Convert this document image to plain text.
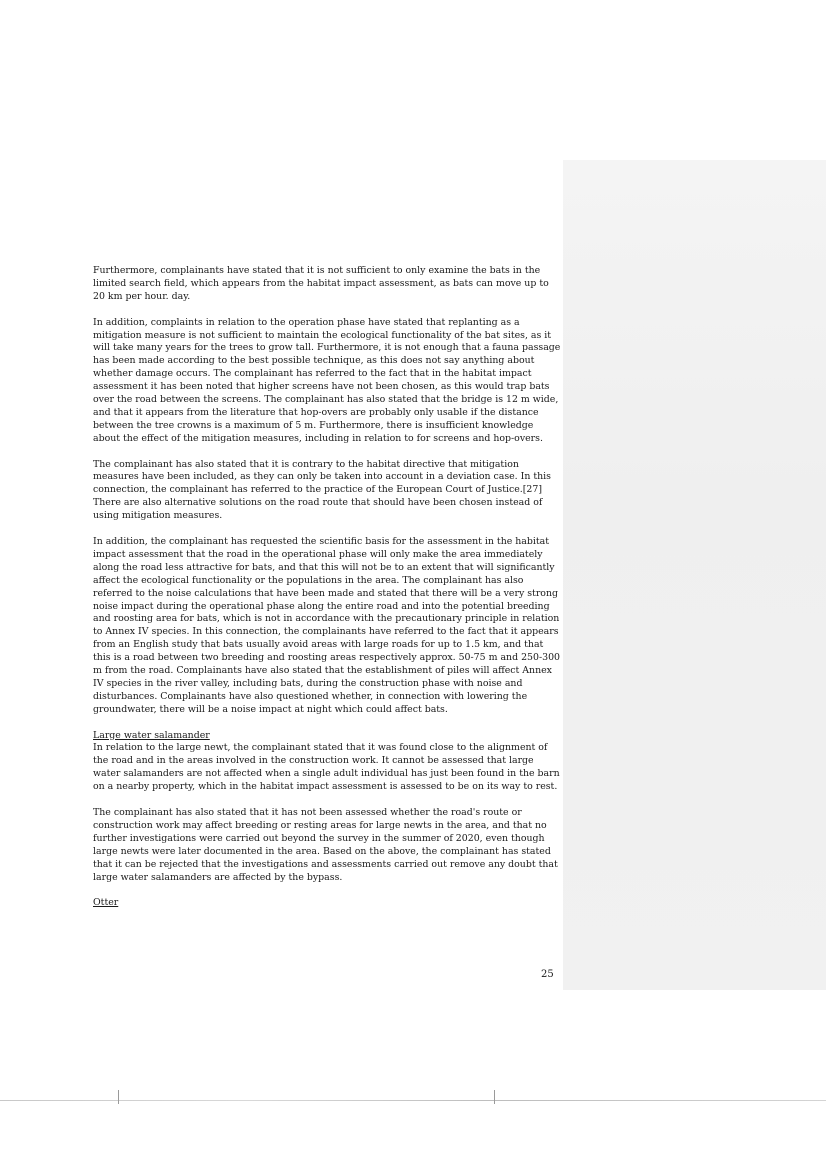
Furthermore, complainants have stated that it is not sufficient to only examine the bats in the limited search field, which appears from the habitat impact assessment, as bats can move up to 20 km per hour. day.

In addition, complaints in relation to the operation phase have stated that replanting as a mitigation measure is not sufficient to maintain the ecological functionality of the bat sites, as it will take many years for the trees to grow tall. Furthermore, it is not enough that a fauna passage has been made according to the best possible technique, as this does not say anything about whether damage occurs. The complainant has referred to the fact that in the habitat impact assessment it has been noted that higher screens have not been chosen, as this would trap bats over the road between the screens. The complainant has also stated that the bridge is 12 m wide, and that it appears from the literature that hop-overs are probably only usable if the distance between the tree crowns is a maximum of 5 m. Furthermore, there is insufficient knowledge about the effect of the mitigation measures, including in relation to for screens and hop-overs.

The complainant has also stated that it is contrary to the habitat directive that mitigation measures have been included, as they can only be taken into account in a deviation case. In this connection, the complainant has referred to the practice of the European Court of Justice.[27] There are also alternative solutions on the road route that should have been chosen instead of using mitigation measures.

In addition, the complainant has requested the scientific basis for the assessment in the habitat impact assessment that the road in the operational phase will only make the area immediately along the road less attractive for bats, and that this will not be to an extent that will significantly affect the ecological functionality or the populations in the area. The complainant has also referred to the noise calculations that have been made and stated that there will be a very strong noise impact during the operational phase along the entire road and into the potential breeding and roosting area for bats, which is not in accordance with the precautionary principle in relation to Annex IV species. In this connection, the complainants have referred to the fact that it appears from an English study that bats usually avoid areas with large roads for up to 1.5 km, and that this is a road between two breeding and roosting areas respectively approx. 50-75 m and 250-300 m from the road. Complainants have also stated that the establishment of piles will affect Annex IV species in the river valley, including bats, during the construction phase with noise and disturbances. Complainants have also questioned whether, in connection with lowering the groundwater, there will be a noise impact at night which could affect bats.

Large water salamander

In relation to the large newt, the complainant stated that it was found close to the alignment of the road and in the areas involved in the construction work. It cannot be assessed that large water salamanders are not affected when a single adult individual has just been found in the barn on a nearby property, which in the habitat impact assessment is assessed to be on its way to rest.

The complainant has also stated that it has not been assessed whether the road's route or construction work may affect breeding or resting areas for large newts in the area, and that no further investigations were carried out beyond the survey in the summer of 2020, even though large newts were later documented in the area. Based on the above, the complainant has stated that it can be rejected that the investigations and assessments carried out remove any doubt that large water salamanders are affected by the bypass.

Otter
25
